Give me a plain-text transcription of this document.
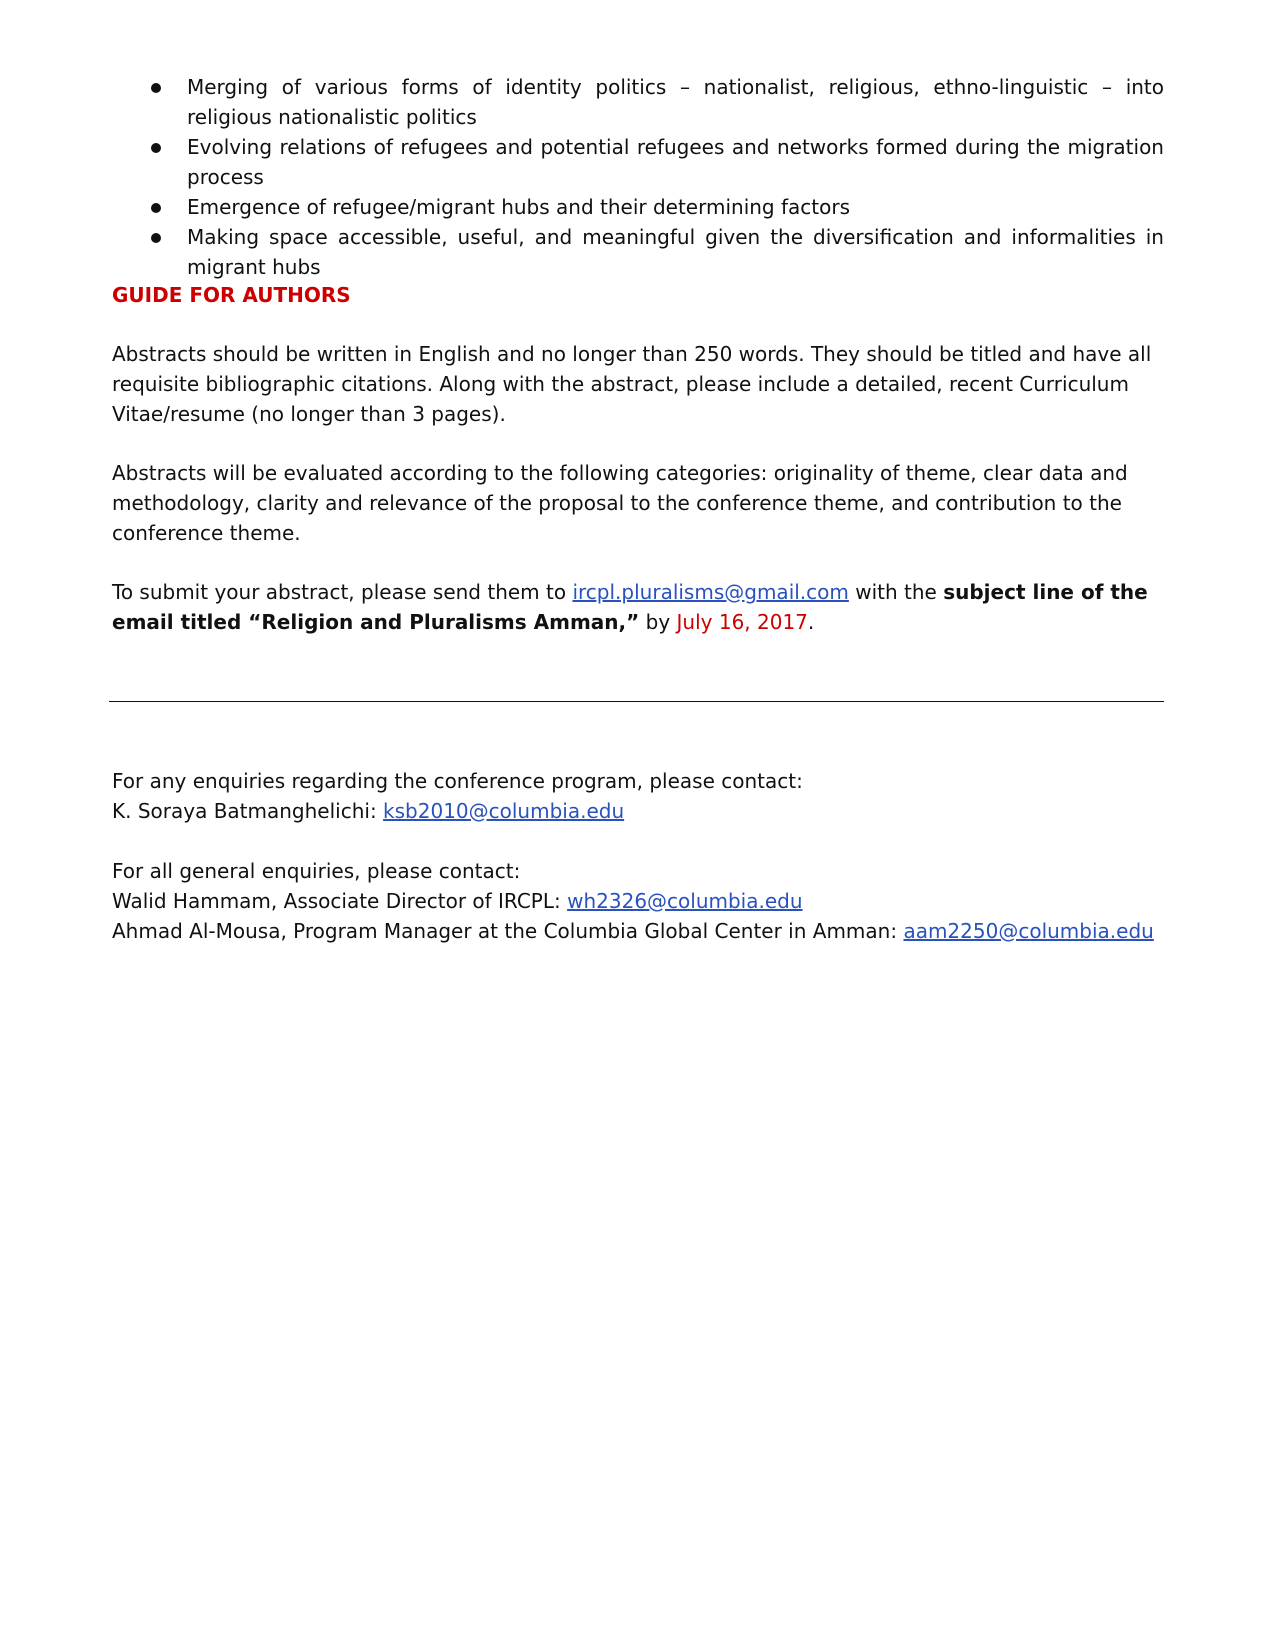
Merging of various forms of identity politics – nationalist, religious, ethno-linguistic – into religious nationalistic politics
Evolving relations of refugees and potential refugees and networks formed during the migration process
Emergence of refugee/migrant hubs and their determining factors
Making space accessible, useful, and meaningful given the diversification and informalities in migrant hubs
GUIDE FOR AUTHORS

Abstracts should be written in English and no longer than 250 words. They should be titled and have all requisite bibliographic citations. Along with the abstract, please include a detailed, recent Curriculum Vitae/resume (no longer than 3 pages).

Abstracts will be evaluated according to the following categories: originality of theme, clear data and methodology, clarity and relevance of the proposal to the conference theme, and contribution to the conference theme.

To submit your abstract, please send them to ircpl.pluralisms@gmail.com with the subject line of the email titled “Religion and Pluralisms Amman,” by July 16, 2017.

For any enquiries regarding the conference program, please contact:
K. Soraya Batmanghelichi: ksb2010@columbia.edu
For all general enquiries, please contact:
Walid Hammam, Associate Director of IRCPL: wh2326@columbia.edu
Ahmad Al-Mousa, Program Manager at the Columbia Global Center in Amman: aam2250@columbia.edu
